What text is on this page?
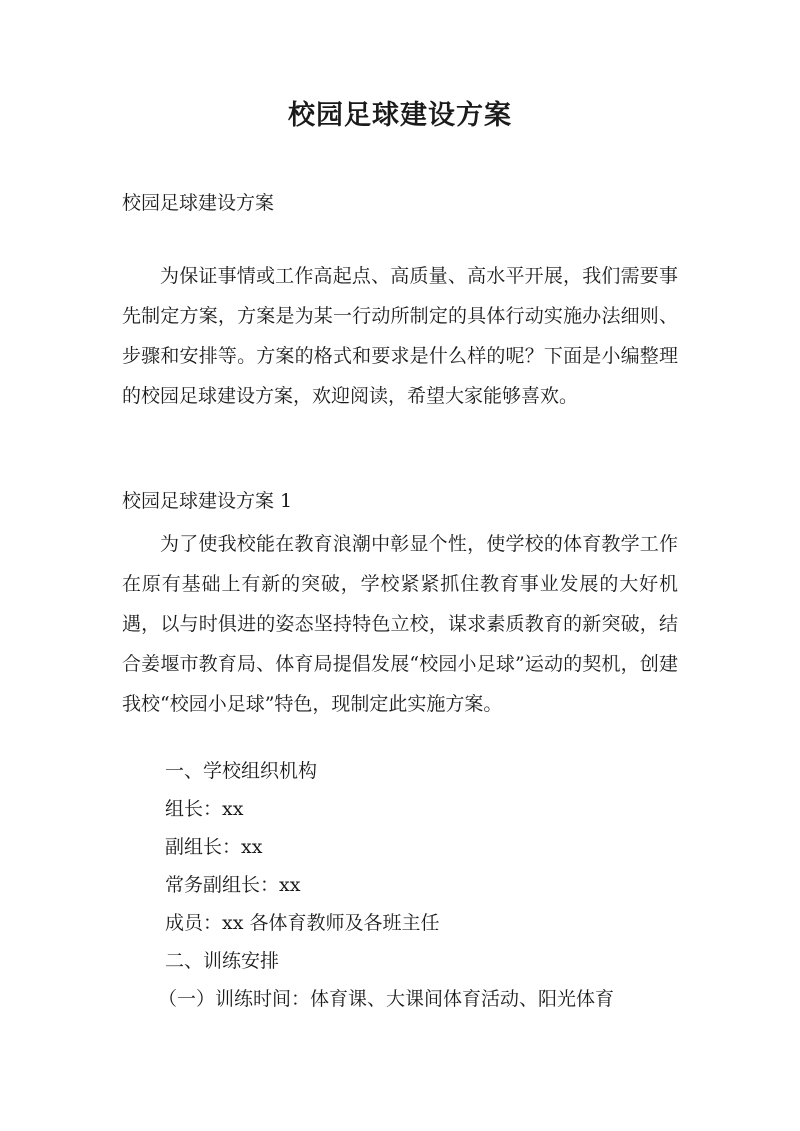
校园足球建设方案

校园足球建设方案

为保证事情或工作高起点、高质量、高水平开展，我们需要事先制定方案，方案是为某一行动所制定的具体行动实施办法细则、步骤和安排等。方案的格式和要求是什么样的呢？下面是小编整理的校园足球建设方案，欢迎阅读，希望大家能够喜欢。

校园足球建设方案 1

为了使我校能在教育浪潮中彰显个性，使学校的体育教学工作在原有基础上有新的突破，学校紧紧抓住教育事业发展的大好机遇，以与时俱进的姿态坚持特色立校，谋求素质教育的新突破，结合姜堰市教育局、体育局提倡发展“校园小足球”运动的契机，创建我校“校园小足球”特色，现制定此实施方案。

一、学校组织机构

组长：xx

副组长：xx

常务副组长：xx

成员：xx 各体育教师及各班主任

二、训练安排

（一）训练时间：体育课、大课间体育活动、阳光体育
